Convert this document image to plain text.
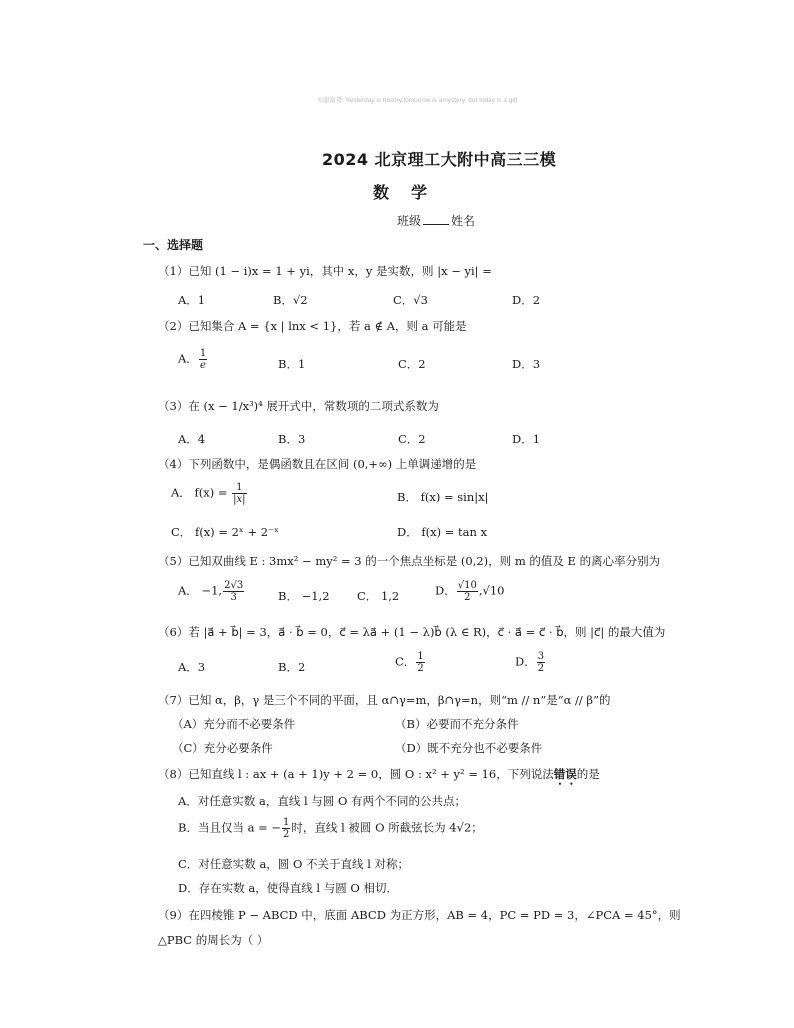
©谢谢哥: Yesterday is history,tomorrow is amystery, but today is a gift
2024 北京理工大附中高三三模
数 学
班级	姓名
一、选择题
（1）已知 (1 − i)x = 1 + yi，其中 x，y 是实数，则 |x − yi| =
A．1	B．√2	C．√3	D．2
（2）已知集合 A = {x | lnx < 1}，若 a ∉ A，则 a 可能是
A． $\frac{1}{e}$	B．1	C．2	D．3
（3）在 (x − 1/x³)⁴ 展开式中，常数项的二项式系数为
A．4	B．3	C．2	D．1
（4）下列函数中，是偶函数且在区间 (0,+∞) 上单调递增的是
A． $f(x) = \frac{1}{|x|}$	B． f(x) = sin|x|
C． f(x) = 2ˣ + 2⁻ˣ	D． f(x) = tan x
（5）已知双曲线 E : 3mx² − my² = 3 的一个焦点坐标是 (0,2)，则 m 的值及 E 的离心率分别为
A． −1, $\frac{2√3}{3}$	B． −1,2 C． 1,2	D． $\frac{√10}{2} ,√10$
（6）若 |a⃗ + b⃗| = 3，a⃗ · b⃗ = 0，c⃗ = λa⃗ + (1 − λ)b⃗ (λ ∈ R)，c⃗ · a⃗ = c⃗ · b⃗，则 |c⃗| 的最大值为
A．3	B．2	C． $\frac{1}{2}$	D． $\frac{3}{2}$
（7）已知 α，β，γ 是三个不同的平面，且 α∩γ=m，β∩γ=n，则“m // n”是“α // β”的
（A）充分而不必要条件	（B）必要而不充分条件
（C）充分必要条件	（D）既不充分也不必要条件
（8）已知直线 l : ax + (a + 1)y + 2 = 0，圆 O : x² + y² = 16，下列说法错误的是
A．对任意实数 a，直线 l 与圆 O 有两个不同的公共点；
B．当且仅当 a = − $\frac{1}{2}$ 时，直线 l 被圆 O 所截弦长为 4√2；
C．对任意实数 a，圆 O 不关于直线 l 对称；
D．存在实数 a，使得直线 l 与圆 O 相切．
（9）在四棱锥 P − ABCD 中，底面 ABCD 为正方形，AB = 4，PC = PD = 3，∠PCA = 45°，则
△PBC 的周长为（ ）
